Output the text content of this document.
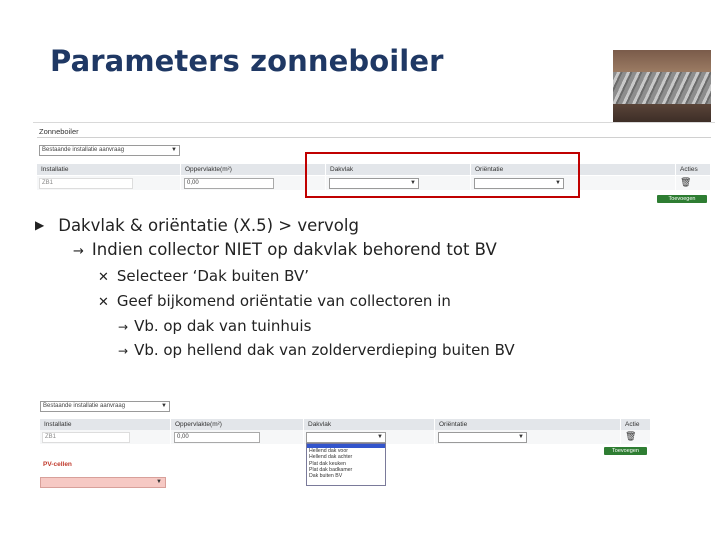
Parameters zonneboiler
Zonneboiler
Bestaande installatie aanvraag	▼
Installatie	Oppervlakte(m²)	Dakvlak	Oriëntatie	Acties
ZB1	0,00	▼	▼	🗑
Toevoegen
▶ Dakvlak & oriëntatie (X.5) > vervolg
→ Indien collector NIET op dakvlak behorend tot BV
✕ Selecteer ‘Dak buiten BV’
✕ Geef bijkomend oriëntatie van collectoren in
→ Vb. op dak van tuinhuis
→ Vb. op hellend dak van zolderverdieping buiten BV
Bestaande installatie aanvraag	▼
Installatie	Oppervlakte(m²)	Dakvlak	Oriëntatie	Actie
ZB1	0,00	▼	▼	🗑
Toevoegen
Hellend dak voor
Hellend dak achter
Plat dak keuken
Plat dak badkamer
Dak buiten BV
PV-cellen
▼
